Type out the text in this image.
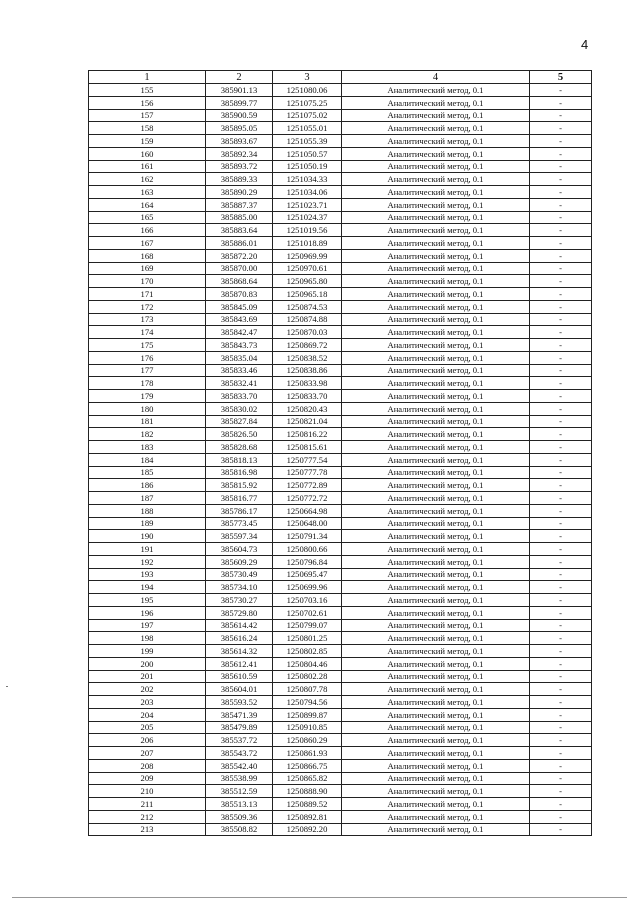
4
1	2	3	4	5
155	385901.13	1251080.06	Аналитический метод, 0.1	-
156	385899.77	1251075.25	Аналитический метод, 0.1	-
157	385900.59	1251075.02	Аналитический метод, 0.1	-
158	385895.05	1251055.01	Аналитический метод, 0.1	-
159	385893.67	1251055.39	Аналитический метод, 0.1	-
160	385892.34	1251050.57	Аналитический метод, 0.1	-
161	385893.72	1251050.19	Аналитический метод, 0.1	-
162	385889.33	1251034.33	Аналитический метод, 0.1	-
163	385890.29	1251034.06	Аналитический метод, 0.1	-
164	385887.37	1251023.71	Аналитический метод, 0.1	-
165	385885.00	1251024.37	Аналитический метод, 0.1	-
166	385883.64	1251019.56	Аналитический метод, 0.1	-
167	385886.01	1251018.89	Аналитический метод, 0.1	-
168	385872.20	1250969.99	Аналитический метод, 0.1	-
169	385870.00	1250970.61	Аналитический метод, 0.1	-
170	385868.64	1250965.80	Аналитический метод, 0.1	-
171	385870.83	1250965.18	Аналитический метод, 0.1	-
172	385845.09	1250874.53	Аналитический метод, 0.1	-
173	385843.69	1250874.88	Аналитический метод, 0.1	-
174	385842.47	1250870.03	Аналитический метод, 0.1	-
175	385843.73	1250869.72	Аналитический метод, 0.1	-
176	385835.04	1250838.52	Аналитический метод, 0.1	-
177	385833.46	1250838.86	Аналитический метод, 0.1	-
178	385832.41	1250833.98	Аналитический метод, 0.1	-
179	385833.70	1250833.70	Аналитический метод, 0.1	-
180	385830.02	1250820.43	Аналитический метод, 0.1	-
181	385827.84	1250821.04	Аналитический метод, 0.1	-
182	385826.50	1250816.22	Аналитический метод, 0.1	-
183	385828.68	1250815.61	Аналитический метод, 0.1	-
184	385818.13	1250777.54	Аналитический метод, 0.1	-
185	385816.98	1250777.78	Аналитический метод, 0.1	-
186	385815.92	1250772.89	Аналитический метод, 0.1	-
187	385816.77	1250772.72	Аналитический метод, 0.1	-
188	385786.17	1250664.98	Аналитический метод, 0.1	-
189	385773.45	1250648.00	Аналитический метод, 0.1	-
190	385597.34	1250791.34	Аналитический метод, 0.1	-
191	385604.73	1250800.66	Аналитический метод, 0.1	-
192	385609.29	1250796.84	Аналитический метод, 0.1	-
193	385730.49	1250695.47	Аналитический метод, 0.1	-
194	385734.10	1250699.96	Аналитический метод, 0.1	-
195	385730.27	1250703.16	Аналитический метод, 0.1	-
196	385729.80	1250702.61	Аналитический метод, 0.1	-
197	385614.42	1250799.07	Аналитический метод, 0.1	-
198	385616.24	1250801.25	Аналитический метод, 0.1	-
199	385614.32	1250802.85	Аналитический метод, 0.1	-
200	385612.41	1250804.46	Аналитический метод, 0.1	-
201	385610.59	1250802.28	Аналитический метод, 0.1	-
202	385604.01	1250807.78	Аналитический метод, 0.1	-
203	385593.52	1250794.56	Аналитический метод, 0.1	-
204	385471.39	1250899.87	Аналитический метод, 0.1	-
205	385479.89	1250910.85	Аналитический метод, 0.1	-
206	385537.72	1250860.29	Аналитический метод, 0.1	-
207	385543.72	1250861.93	Аналитический метод, 0.1	-
208	385542.40	1250866.75	Аналитический метод, 0.1	-
209	385538.99	1250865.82	Аналитический метод, 0.1	-
210	385512.59	1250888.90	Аналитический метод, 0.1	-
211	385513.13	1250889.52	Аналитический метод, 0.1	-
212	385509.36	1250892.81	Аналитический метод, 0.1	-
213	385508.82	1250892.20	Аналитический метод, 0.1	-
